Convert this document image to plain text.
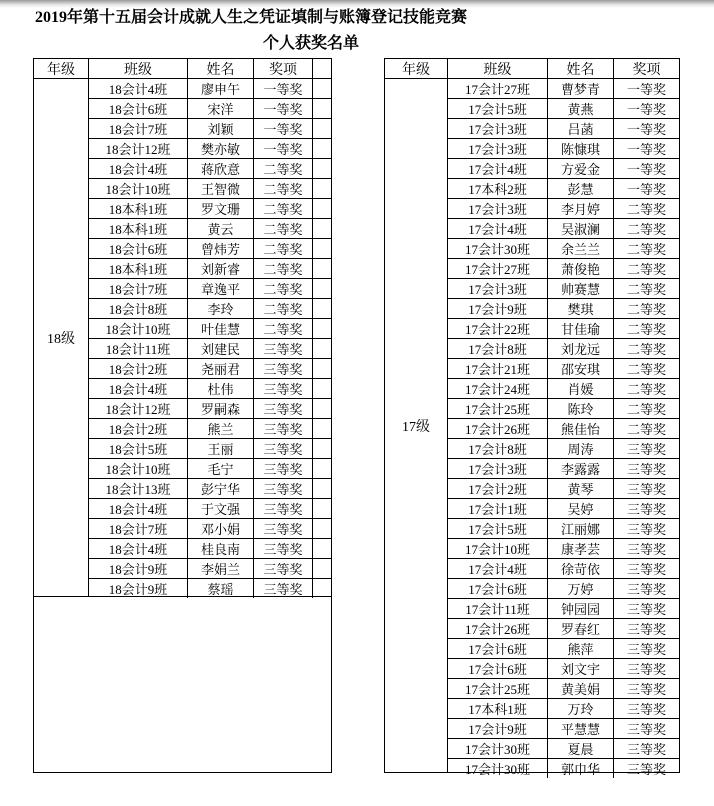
2019年第十五届会计成就人生之凭证填制与账簿登记技能竞赛
个人获奖名单
年级	班级	姓名	奖项
18级
18会计4班	廖申午	一等奖
18会计6班	宋洋	一等奖
18会计7班	刘颖	一等奖
18会计12班	樊亦敏	一等奖
18会计4班	蒋欣意	二等奖
18会计10班	王智微	二等奖
18本科1班	罗文珊	二等奖
18本科1班	黄云	二等奖
18会计6班	曾炜芳	二等奖
18本科1班	刘新睿	二等奖
18会计7班	章逸平	二等奖
18会计8班	李玲	二等奖
18会计10班	叶佳慧	二等奖
18会计11班	刘建民	三等奖
18会计2班	尧丽君	三等奖
18会计4班	杜伟	三等奖
18会计12班	罗嗣森	三等奖
18会计2班	熊兰	三等奖
18会计5班	王丽	三等奖
18会计10班	毛宁	三等奖
18会计13班	彭宁华	三等奖
18会计4班	于文强	三等奖
18会计7班	邓小娟	三等奖
18会计4班	桂良南	三等奖
18会计9班	李娟兰	三等奖
18会计9班	蔡瑶	三等奖
年级	班级	姓名	奖项
17级
17会计27班	曹梦青	一等奖
17会计5班	黄燕	一等奖
17会计3班	吕菡	一等奖
17会计3班	陈慷琪	一等奖
17会计4班	方爱金	一等奖
17本科2班	彭慧	一等奖
17会计3班	李月婷	二等奖
17会计4班	吴淑澜	二等奖
17会计30班	余兰兰	二等奖
17会计27班	萧俊艳	二等奖
17会计3班	帅赛慧	二等奖
17会计9班	樊琪	二等奖
17会计22班	甘佳瑜	二等奖
17会计8班	刘龙远	二等奖
17会计21班	邵安琪	二等奖
17会计24班	肖媛	二等奖
17会计25班	陈玲	二等奖
17会计26班	熊佳怡	二等奖
17会计8班	周涛	三等奖
17会计3班	李露露	三等奖
17会计2班	黄琴	三等奖
17会计1班	吴婷	三等奖
17会计5班	江丽娜	三等奖
17会计10班	康孝芸	三等奖
17会计4班	徐苛依	三等奖
17会计6班	万婷	三等奖
17会计11班	钟园园	三等奖
17会计26班	罗春红	三等奖
17会计6班	熊萍	三等奖
17会计6班	刘文宇	三等奖
17会计25班	黄美娟	三等奖
17本科1班	万玲	三等奖
17会计9班	平慧慧	三等奖
17会计30班	夏晨	三等奖
17会计30班	郭巾华	三等奖
